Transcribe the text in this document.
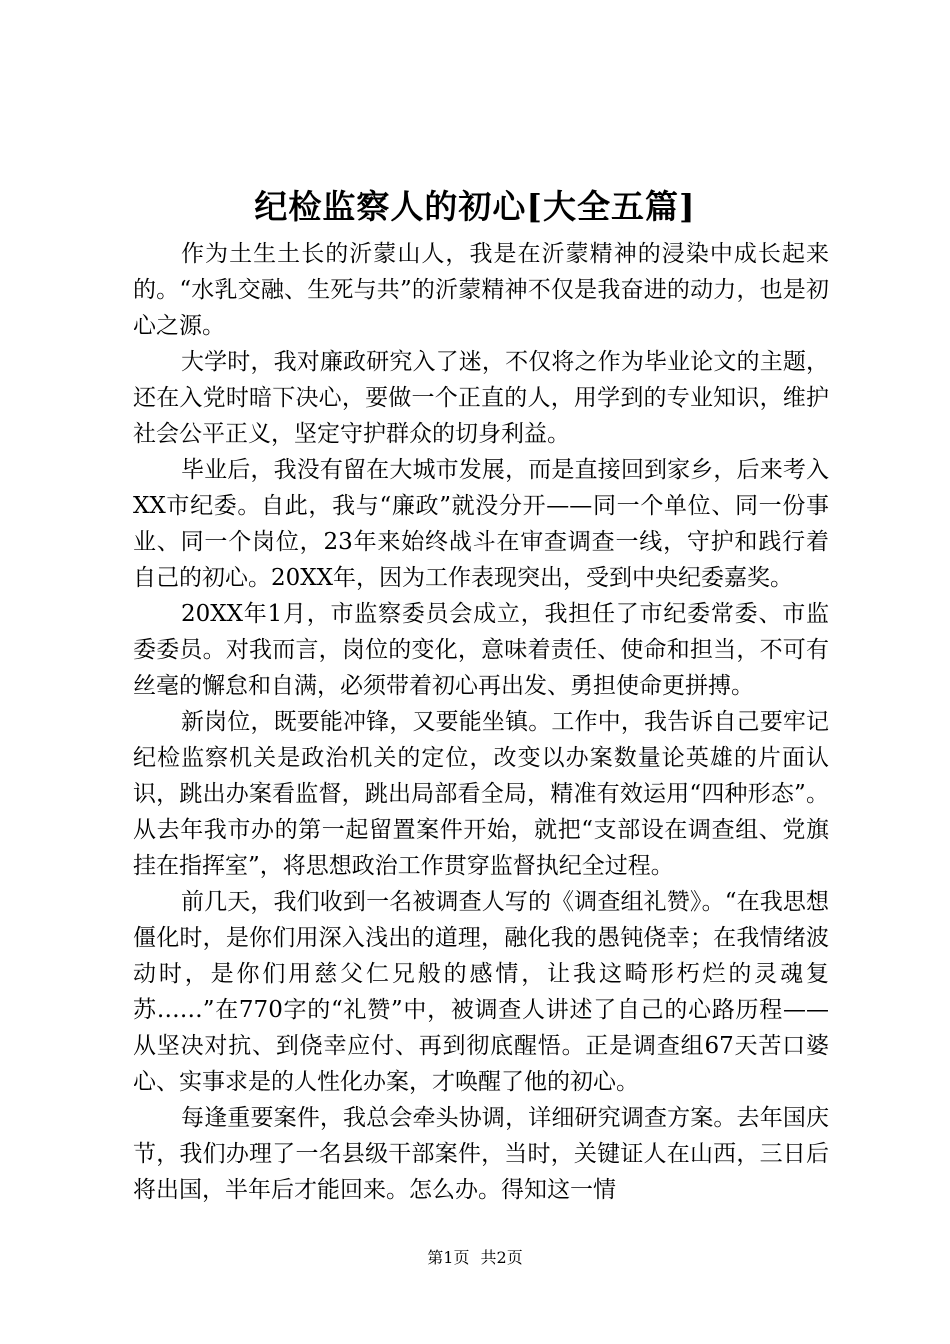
纪检监察人的初心[大全五篇]

作为土生土长的沂蒙山人，我是在沂蒙精神的浸染中成长起来的。“水乳交融、生死与共”的沂蒙精神不仅是我奋进的动力，也是初心之源。

大学时，我对廉政研究入了迷，不仅将之作为毕业论文的主题，还在入党时暗下决心，要做一个正直的人，用学到的专业知识，维护社会公平正义，坚定守护群众的切身利益。

毕业后，我没有留在大城市发展，而是直接回到家乡，后来考入XX市纪委。自此，我与“廉政”就没分开——同一个单位、同一份事业、同一个岗位，23年来始终战斗在审查调查一线，守护和践行着自己的初心。20XX年，因为工作表现突出，受到中央纪委嘉奖。

20XX年1月，市监察委员会成立，我担任了市纪委常委、市监委委员。对我而言，岗位的变化，意味着责任、使命和担当，不可有丝毫的懈怠和自满，必须带着初心再出发、勇担使命更拼搏。

新岗位，既要能冲锋，又要能坐镇。工作中，我告诉自己要牢记纪检监察机关是政治机关的定位，改变以办案数量论英雄的片面认识，跳出办案看监督，跳出局部看全局，精准有效运用“四种形态”。从去年我市办的第一起留置案件开始，就把“支部设在调查组、党旗挂在指挥室”，将思想政治工作贯穿监督执纪全过程。

前几天，我们收到一名被调查人写的《调查组礼赞》。“在我思想僵化时，是你们用深入浅出的道理，融化我的愚钝侥幸；在我情绪波动时，是你们用慈父仁兄般的感情，让我这畸形朽烂的灵魂复苏……”在770字的“礼赞”中，被调查人讲述了自己的心路历程——从坚决对抗、到侥幸应付、再到彻底醒悟。正是调查组67天苦口婆心、实事求是的人性化办案，才唤醒了他的初心。

每逢重要案件，我总会牵头协调，详细研究调查方案。去年国庆节，我们办理了一名县级干部案件，当时，关键证人在山西，三日后将出国，半年后才能回来。怎么办。得知这一情

第1页 共2页
